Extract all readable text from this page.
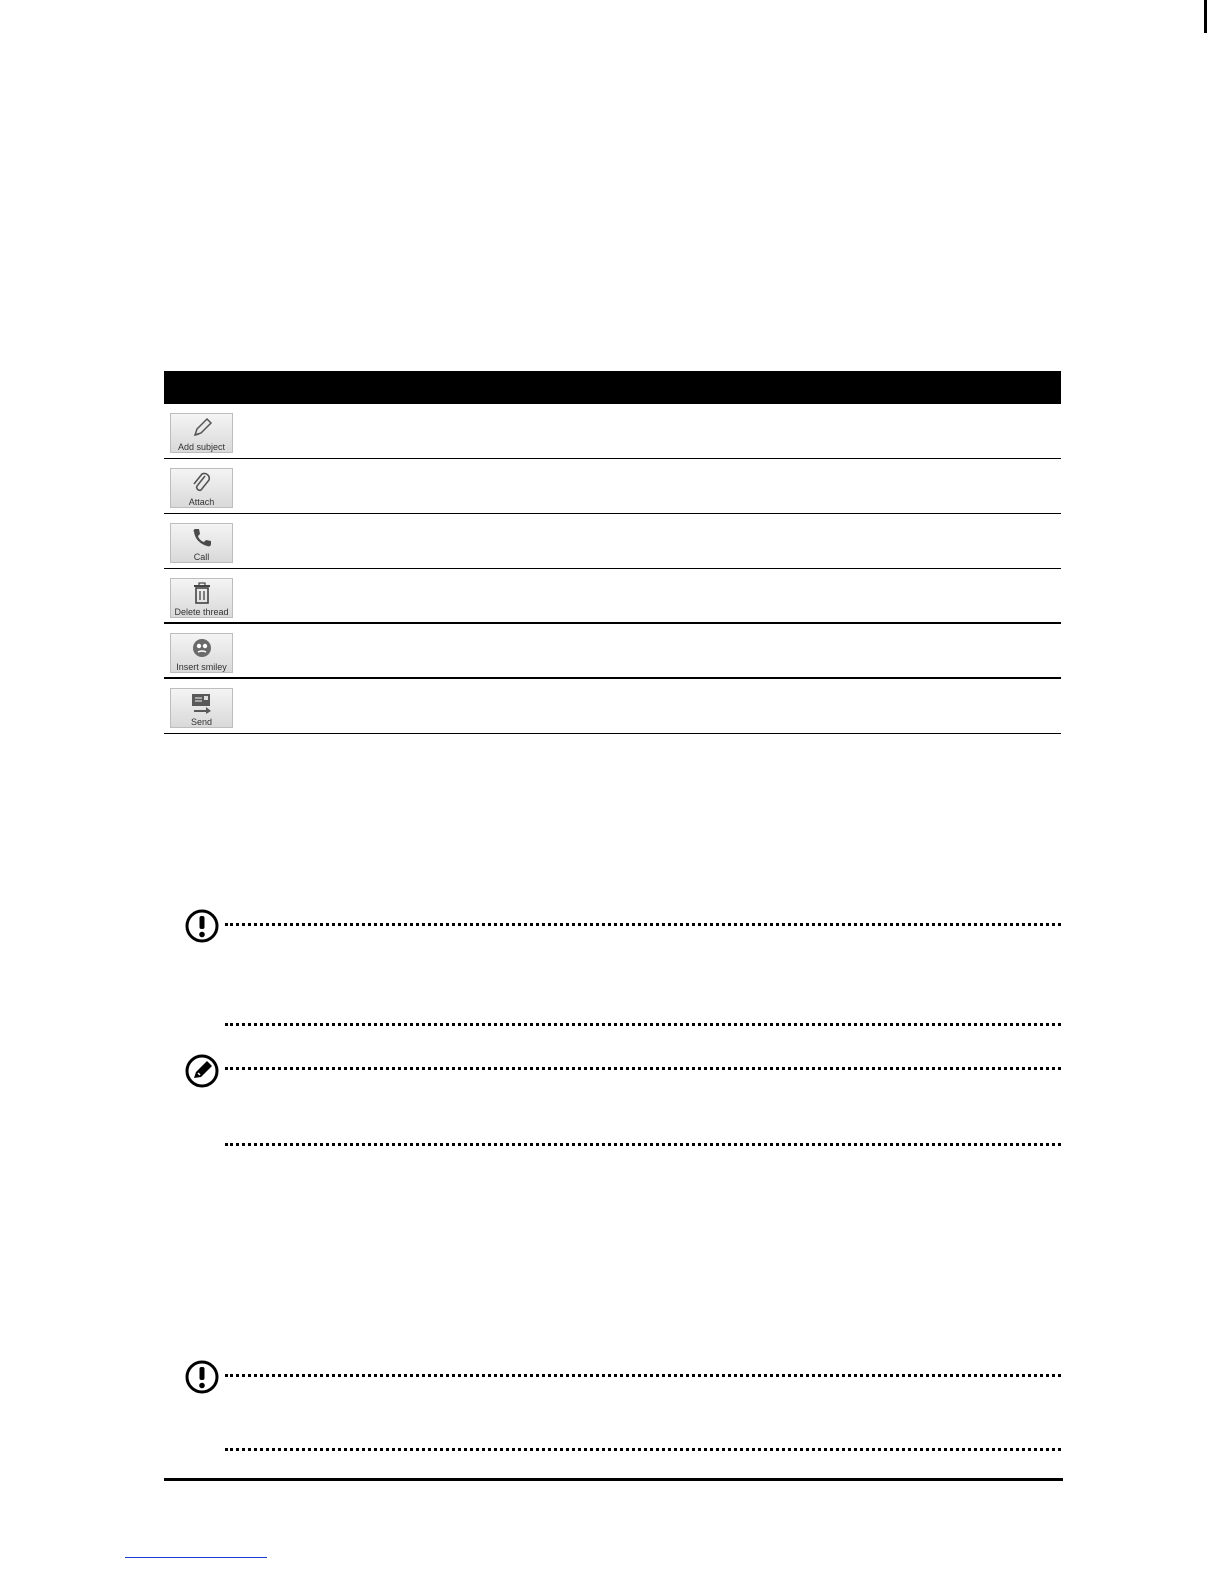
Add subject
Attach
Call
Delete thread
Insert smiley
Send
